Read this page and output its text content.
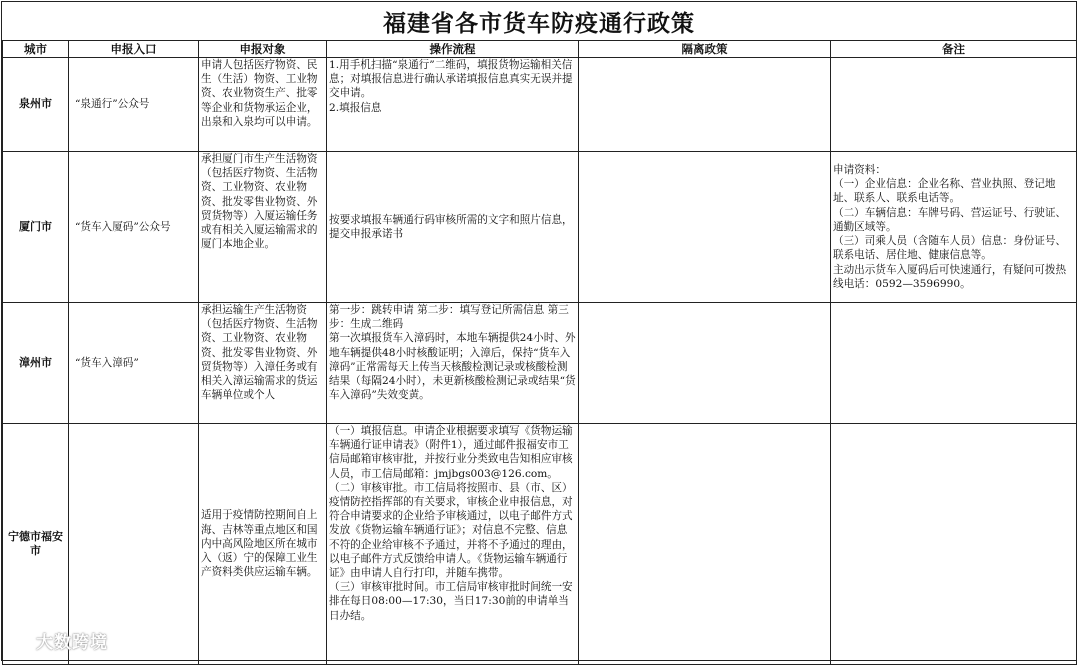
福建省各市货车防疫通行政策
城市	申报入口	申报对象	操作流程	隔离政策	备注
泉州市	“泉通行”公众号	申请人包括医疗物资、民生（生活）物资、工业物资、农业物资生产、批零等企业和货物承运企业，出泉和入泉均可以申请。	1.用手机扫描“泉通行”二维码，填报货物运输相关信息；对填报信息进行确认承诺填报信息真实无误并提交申请。
2.填报信息		

厦门市	“货车入厦码”公众号	承担厦门市生产生活物资（包括医疗物资、生活物资、工业物资、农业物资、批发零售业物资、外贸货物等）入厦运输任务或有相关入厦运输需求的厦门本地企业。	按要求填报车辆通行码审核所需的文字和照片信息，提交申报承诺书		申请资料：
（一）企业信息：企业名称、营业执照、登记地址、联系人、联系电话等。
（二）车辆信息：车牌号码、营运证号、行驶证、通勤区域等。
（三）司乘人员（含随车人员）信息：身份证号、联系电话、居住地、健康信息等。
主动出示货车入厦码后可快速通行，有疑问可拨热线电话：0592—3596990。

漳州市	“货车入漳码”	承担运输生产生活物资（包括医疗物资、生活物资、工业物资、农业物资、批发零售业物资、外贸货物等）入漳任务或有相关入漳运输需求的货运车辆单位或个人	第一步：跳转申请 第二步：填写登记所需信息 第三步：生成二维码
第一次填报货车入漳码时，本地车辆提供24小时、外地车辆提供48小时核酸证明；入漳后，保持“货车入漳码”正常需每天上传当天核酸检测记录或核酸检测结果（每隔24小时），未更新核酸检测记录或结果“货车入漳码”失效变黄。		

宁德市福安市		适用于疫情防控期间自上海、吉林等重点地区和国内中高风险地区所在城市入（返）宁的保障工业生产资料类供应运输车辆。	（一）填报信息。申请企业根据要求填写《货物运输车辆通行证申请表》（附件1），通过邮件报福安市工信局邮箱审核审批，并按行业分类致电告知相应审核人员，市工信局邮箱：jmjbgs003@126.com。
（二）审核审批。市工信局将按照市、县（市、区）疫情防控指挥部的有关要求，审核企业申报信息，对符合申请要求的企业给予审核通过，以电子邮件方式发放《货物运输车辆通行证》；对信息不完整、信息不符的企业给审核不予通过，并将不予通过的理由，以电子邮件方式反馈给申请人。《货物运输车辆通行证》由申请人自行打印，并随车携带。
（三）审核审批时间。市工信局审核审批时间统一安排在每日08:00—17:30，当日17:30前的申请单当日办结。		

大数跨境
